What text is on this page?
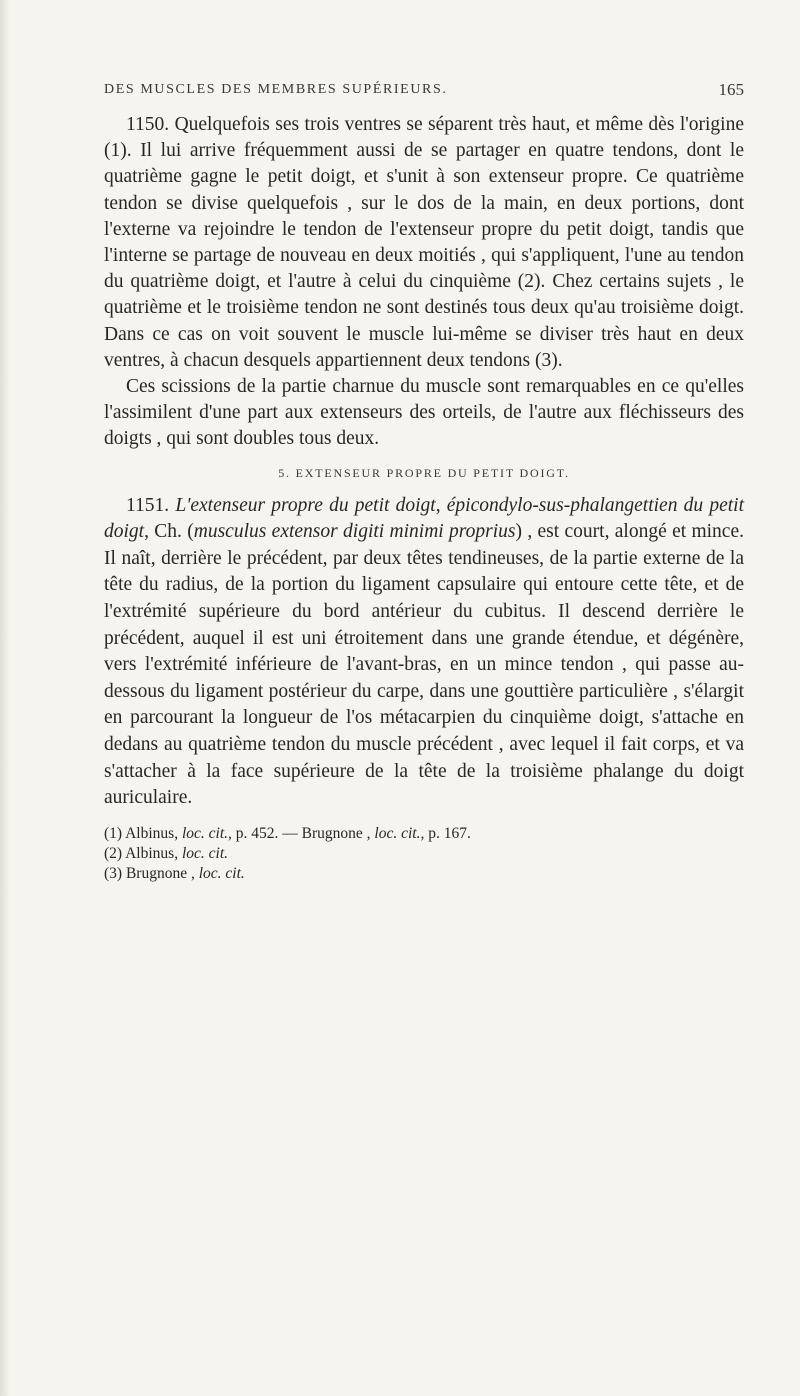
DES MUSCLES DES MEMBRES SUPÉRIEURS.	165

1150. Quelquefois ses trois ventres se séparent très haut, et même dès l'origine (1). Il lui arrive fréquemment aussi de se partager en quatre tendons, dont le quatrième gagne le petit doigt, et s'unit à son extenseur propre. Ce quatrième tendon se divise quelquefois , sur le dos de la main, en deux portions, dont l'externe va rejoindre le tendon de l'extenseur propre du petit doigt, tandis que l'interne se partage de nouveau en deux moitiés , qui s'appliquent, l'une au tendon du quatrième doigt, et l'autre à celui du cinquième (2). Chez certains sujets , le quatrième et le troisième tendon ne sont destinés tous deux qu'au troisième doigt. Dans ce cas on voit souvent le muscle lui-même se diviser très haut en deux ventres, à chacun desquels appartiennent deux tendons (3).

Ces scissions de la partie charnue du muscle sont remarquables en ce qu'elles l'assimilent d'une part aux extenseurs des orteils, de l'autre aux fléchisseurs des doigts , qui sont doubles tous deux.

5. EXTENSEUR PROPRE DU PETIT DOIGT.

1151. L'extenseur propre du petit doigt, épicondylo-sus-phalangettien du petit doigt, Ch. (musculus extensor digiti minimi proprius) , est court, alongé et mince. Il naît, derrière le précédent, par deux têtes tendineuses, de la partie externe de la tête du radius, de la portion du ligament capsulaire qui entoure cette tête, et de l'extrémité supérieure du bord antérieur du cubitus. Il descend derrière le précédent, auquel il est uni étroitement dans une grande étendue, et dégénère, vers l'extrémité inférieure de l'avant-bras, en un mince tendon , qui passe au-dessous du ligament postérieur du carpe, dans une gouttière particulière , s'élargit en parcourant la longueur de l'os métacarpien du cinquième doigt, s'attache en dedans au quatrième tendon du muscle précédent , avec lequel il fait corps, et va s'attacher à la face supérieure de la tête de la troisième phalange du doigt auriculaire.

(1) Albinus, loc. cit., p. 452. — Brugnone , loc. cit., p. 167.
(2) Albinus, loc. cit.
(3) Brugnone , loc. cit.
